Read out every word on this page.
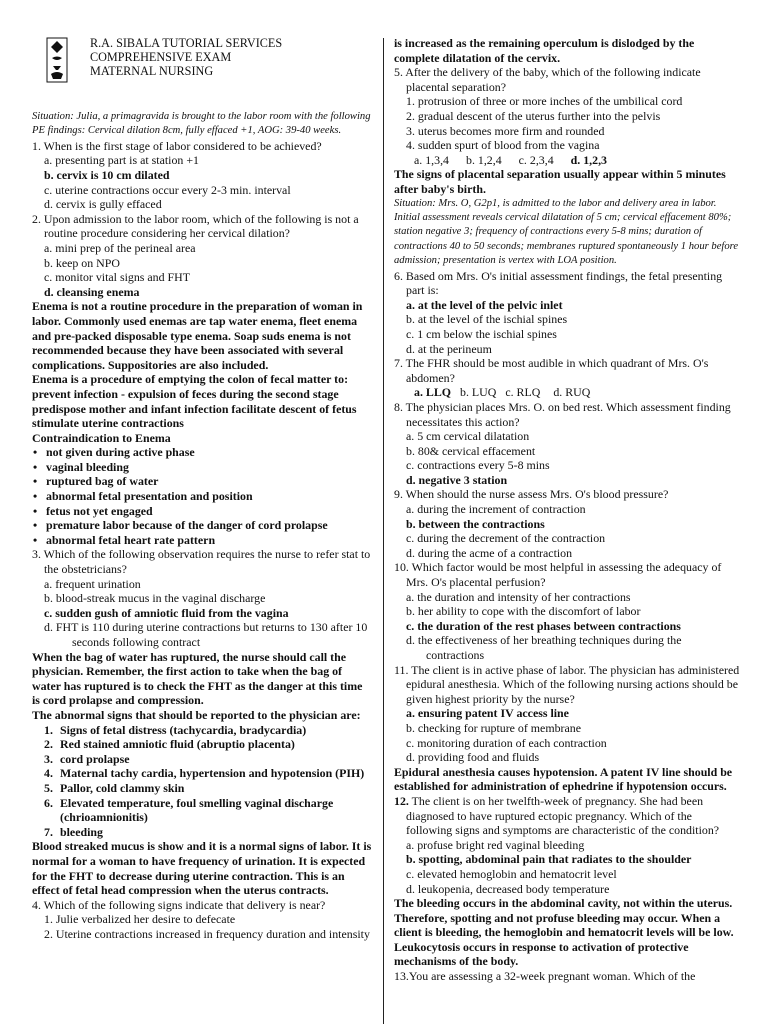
R.A. SIBALA TUTORIAL SERVICES
COMPREHENSIVE EXAM
MATERNAL NURSING

Situation: Julia, a primagravida is brought to the labor room with the following PE findings: Cervical dilation 8cm, fully effaced +1, AOG: 39-40 weeks.

1. When is the first stage of labor considered to be achieved?

a. presenting part is at station +1

b. cervix is 10 cm dilated

c. uterine contractions occur every 2-3 min. interval

d. cervix is gully effaced

2. Upon admission to the labor room, which of the following is not a routine procedure considering her cervical dilation?

a. mini prep of the perineal area

b. keep on NPO

c. monitor vital signs and FHT

d. cleansing enema

Enema is not a routine procedure in the preparation of woman in labor. Commonly used enemas are tap water enema, fleet enema and pre-packed disposable type enema. Soap suds enema is not recommended because they have been associated with several complications. Suppositories are also included.

Enema is a procedure of emptying the colon of fecal matter to: prevent infection - expulsion of feces during the second stage predispose mother and infant infection facilitate descent of fetus stimulate uterine contractions

Contraindication to Enema

• not given during active phase
• vaginal bleeding
• ruptured bag of water
• abnormal fetal presentation and position
• fetus not yet engaged
• premature labor because of the danger of cord prolapse
• abnormal fetal heart rate pattern

3. Which of the following observation requires the nurse to refer stat to the obstetricians?

a. frequent urination

b. blood-streak mucus in the vaginal discharge

c. sudden gush of amniotic fluid from the vagina

d. FHT is 110 during uterine contractions but returns to 130 after 10 seconds following contract

When the bag of water has ruptured, the nurse should call the physician. Remember, the first action to take when the bag of water has ruptured is to check the FHT as the danger at this time is cord prolapse and compression.

The abnormal signs that should be reported to the physician are:

1. Signs of fetal distress (tachycardia, bradycardia)
2. Red stained amniotic fluid (abruptio placenta)
3. cord prolapse
4. Maternal tachy cardia, hypertension and hypotension (PIH)
5. Pallor, cold clammy skin
6. Elevated temperature, foul smelling vaginal discharge (chrioamnionitis)
7. bleeding

Blood streaked mucus is show and it is a normal signs of labor. It is normal for a woman to have frequency of urination. It is expected for the FHT to decrease during uterine contraction. This is an effect of fetal head compression when the uterus contracts.

4. Which of the following signs indicate that delivery is near?

1. Julie verbalized her desire to defecate

2. Uterine contractions increased in frequency duration and intensity

is increased as the remaining operculum is dislodged by the complete dilatation of the cervix.

5. After the delivery of the baby, which of the following indicate placental separation?

1. protrusion of three or more inches of the umbilical cord

2. gradual descent of the uterus further into the pelvis

3. uterus becomes more firm and rounded

4. sudden spurt of blood from the vagina

a. 1,3,4 b. 1,2,4 c. 2,3,4 d. 1,2,3

The signs of placental separation usually appear within 5 minutes after baby's birth.

Situation: Mrs. O, G2p1, is admitted to the labor and delivery area in labor. Initial assessment reveals cervical dilatation of 5 cm; cervical effacement 80%; station negative 3; frequency of contractions every 5-8 mins; duration of contractions 40 to 50 seconds; membranes ruptured spontaneously 1 hour before admission; presentation is vertex with LOA position.

6. Based om Mrs. O's initial assessment findings, the fetal presenting part is:

a. at the level of the pelvic inlet

b. at the level of the ischial spines

c. 1 cm below the ischial spines

d. at the perineum

7. The FHR should be most audible in which quadrant of Mrs. O's abdomen?

a. LLQ b. LUQ c. RLQ d. RUQ

8. The physician places Mrs. O. on bed rest. Which assessment finding necessitates this action?

a. 5 cm cervical dilatation

b. 80& cervical effacement

c. contractions every 5-8 mins

d. negative 3 station

9. When should the nurse assess Mrs. O's blood pressure?

a. during the increment of contraction

b. between the contractions

c. during the decrement of the contraction

d. during the acme of a contraction

10. Which factor would be most helpful in assessing the adequacy of Mrs. O's placental perfusion?

a. the duration and intensity of her contractions

b. her ability to cope with the discomfort of labor

c. the duration of the rest phases between contractions

d. the effectiveness of her breathing techniques during the contractions

11. The client is in active phase of labor. The physician has administered epidural anesthesia. Which of the following nursing actions should be given highest priority by the nurse?

a. ensuring patent IV access line

b. checking for rupture of membrane

c. monitoring duration of each contraction

d. providing food and fluids

Epidural anesthesia causes hypotension. A patent IV line should be established for administration of ephedrine if hypotension occurs.

12. The client is on her twelfth-week of pregnancy. She had been diagnosed to have ruptured ectopic pregnancy. Which of the following signs and symptoms are characteristic of the condition?

a. profuse bright red vaginal bleeding

b. spotting, abdominal pain that radiates to the shoulder

c. elevated hemoglobin and hematocrit level

d. leukopenia, decreased body temperature

The bleeding occurs in the abdominal cavity, not within the uterus. Therefore, spotting and not profuse bleeding may occur. When a client is bleeding, the hemoglobin and hematocrit levels will be low. Leukocytosis occurs in response to activation of protective mechanisms of the body.

13.You are assessing a 32-week pregnant woman. Which of the
